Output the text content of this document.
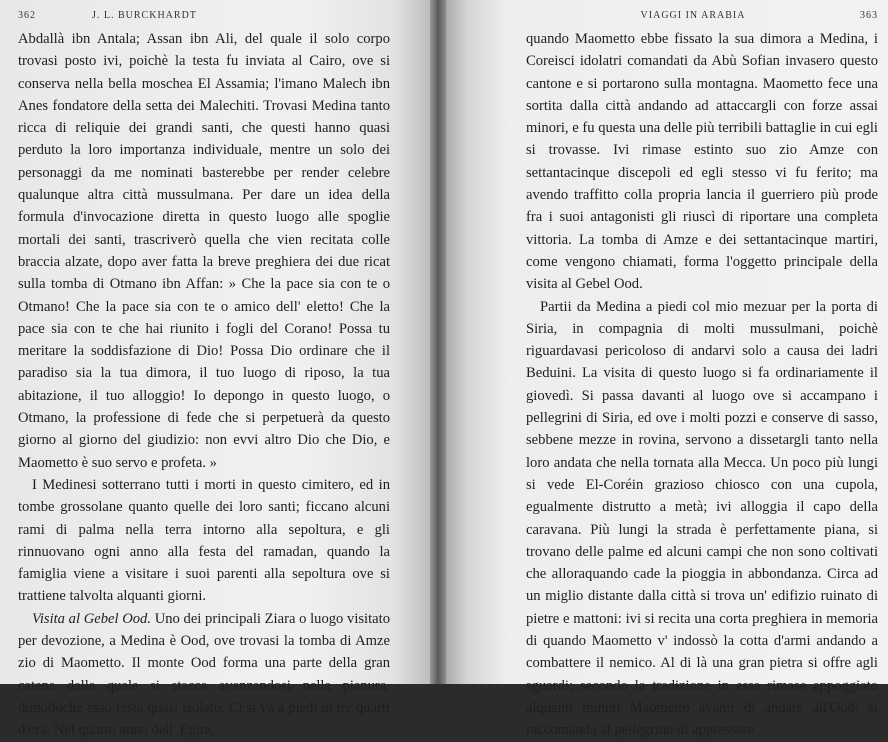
362	J. L. BURCKHARDT

Abdallà ibn Antala; Assan ibn Ali, del quale il solo corpo trovasi posto ivi, poichè la testa fu inviata al Cairo, ove si conserva nella bella moschea El Assamia; l'imano Malech ibn Anes fondatore della setta dei Malechiti. Trovasi Medina tanto ricca di reliquie dei grandi santi, che questi hanno quasi perduto la loro importanza individuale, mentre un solo dei personaggi da me nominati basterebbe per render celebre qualunque altra città mussulmana. Per dare un idea della formula d'invocazione diretta in questo luogo alle spoglie mortali dei santi, trascriverò quella che vien recitata colle braccia alzate, dopo aver fatta la breve preghiera dei due ricat sulla tomba di Otmano ibn Affan: » Che la pace sia con te o Otmano! Che la pace sia con te o amico dell' eletto! Che la pace sia con te che hai riunito i fogli del Corano! Possa tu meritare la soddisfazione di Dio! Possa Dio ordinare che il paradiso sia la tua dimora, il tuo luogo di riposo, la tua abitazione, il tuo alloggio! Io depongo in questo luogo, o Otmano, la professione di fede che si perpetuerà da questo giorno al giorno del giudizio: non evvi altro Dio che Dio, e Maometto è suo servo e profeta. »

I Medinesi sotterrano tutti i morti in questo cimitero, ed in tombe grossolane quanto quelle dei loro santi; ficcano alcuni rami di palma nella terra intorno alla sepoltura, e gli rinnuovano ogni anno alla festa del ramadan, quando la famiglia viene a visitare i suoi parenti alla sepoltura ove si trattiene talvolta alquanti giorni.

Visita al Gebel Ood. Uno dei principali Ziara o luogo visitato per devozione, a Medina è Ood, ove trovasi la tomba di Amze zio di Maometto. Il monte Ood forma una parte della gran catena dalla quale si stacca avanzandosi nella pianura, dimodochè esso resta quasi isolato. Ci si va a piedi in tre quarti d'ora. Nel quarto anno dell' Egira,

VIAGGI IN ARABIA	363

quando Maometto ebbe fissato la sua dimora a Medina, i Coreisci idolatri comandati da Abù Sofian invasero questo cantone e si portarono sulla montagna. Maometto fece una sortita dalla città andando ad attaccargli con forze assai minori, e fu questa una delle più terribili battaglie in cui egli si trovasse. Ivi rimase estinto suo zio Amze con settantacinque discepoli ed egli stesso vi fu ferito; ma avendo traffitto colla propria lancia il guerriero più prode fra i suoi antagonisti gli riuscì di riportare una completa vittoria. La tomba di Amze e dei settantacinque martiri, come vengono chiamati, forma l'oggetto principale della visita al Gebel Ood.

Partii da Medina a piedi col mio mezuar per la porta di Siria, in compagnia di molti mussulmani, poichè riguardavasi pericoloso di andarvi solo a causa dei ladri Beduini. La visita di questo luogo si fa ordinariamente il giovedì. Si passa davanti al luogo ove si accampano i pellegrini di Siria, ed ove i molti pozzi e conserve di sasso, sebbene mezze in rovina, servono a dissetargli tanto nella loro andata che nella tornata alla Mecca. Un poco più lungi si vede El-Coréin grazioso chiosco con una cupola, egualmente distrutto a metà; ivi alloggia il capo della caravana. Più lungi la strada è perfettamente piana, si trovano delle palme ed alcuni campi che non sono coltivati che alloraquando cade la pioggia in abbondanza. Circa ad un miglio distante dalla città si trova un' edifizio ruinato di pietre e mattoni: ivi si recita una corta preghiera in memoria di quando Maometto v' indossò la cotta d'armi andando a combattere il nemico. Al di là una gran pietra si offre agli sguardi; secondo la tradizione in essa rimase appoggiato alquanti minuti Maometto avanti di andare all'Ood: si raccomanda al pellegrino di appressare
